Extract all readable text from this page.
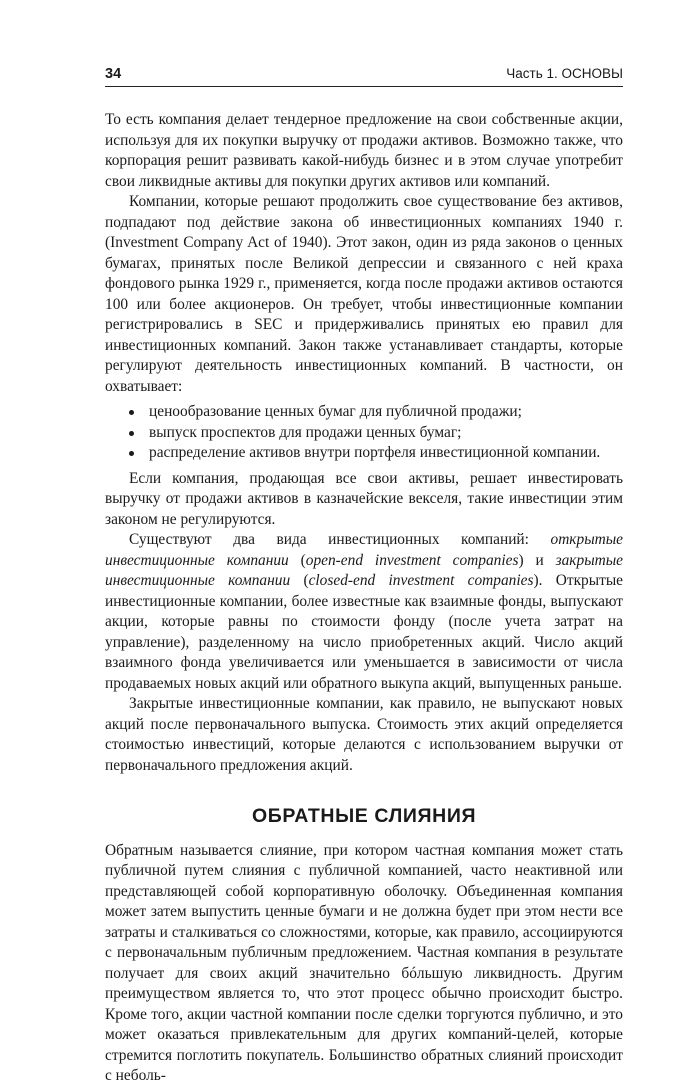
34	Часть 1. ОСНОВЫ

То есть компания делает тендерное предложение на свои собственные акции, используя для их покупки выручку от продажи активов. Возможно также, что корпорация решит развивать какой-нибудь бизнес и в этом случае употребит свои ликвидные активы для покупки других активов или компаний.

Компании, которые решают продолжить свое существование без активов, подпадают под действие закона об инвестиционных компаниях 1940 г. (Investment Company Act of 1940). Этот закон, один из ряда законов о ценных бумагах, принятых после Великой депрессии и связанного с ней краха фондового рынка 1929 г., применяется, когда после продажи активов остаются 100 или более акционеров. Он требует, чтобы инвестиционные компании регистрировались в SEC и придерживались принятых ею правил для инвестиционных компаний. Закон также устанавливает стандарты, которые регулируют деятельность инвестиционных компаний. В частности, он охватывает:

ценообразование ценных бумаг для публичной продажи;
выпуск проспектов для продажи ценных бумаг;
распределение активов внутри портфеля инвестиционной компании.

Если компания, продающая все свои активы, решает инвестировать выручку от продажи активов в казначейские векселя, такие инвестиции этим законом не регулируются.

Существуют два вида инвестиционных компаний: открытые инвестиционные компании (open-end investment companies) и закрытые инвестиционные компании (closed-end investment companies). Открытые инвестиционные компании, более известные как взаимные фонды, выпускают акции, которые равны по стоимости фонду (после учета затрат на управление), разделенному на число приобретенных акций. Число акций взаимного фонда увеличивается или уменьшается в зависимости от числа продаваемых новых акций или обратного выкупа акций, выпущенных раньше.

Закрытые инвестиционные компании, как правило, не выпускают новых акций после первоначального выпуска. Стоимость этих акций определяется стоимостью инвестиций, которые делаются с использованием выручки от первоначального предложения акций.

ОБРАТНЫЕ СЛИЯНИЯ

Обратным называется слияние, при котором частная компания может стать публичной путем слияния с публичной компанией, часто неактивной или представляющей собой корпоративную оболочку. Объединенная компания может затем выпустить ценные бумаги и не должна будет при этом нести все затраты и сталкиваться со сложностями, которые, как правило, ассоциируются с первоначальным публичным предложением. Частная компания в результате получает для своих акций значительно бóльшую ликвидность. Другим преимуществом является то, что этот процесс обычно происходит быстро. Кроме того, акции частной компании после сделки торгуются публично, и это может оказаться привлекательным для других компаний-целей, которые стремится поглотить покупатель. Большинство обратных слияний происходит с неболь-
